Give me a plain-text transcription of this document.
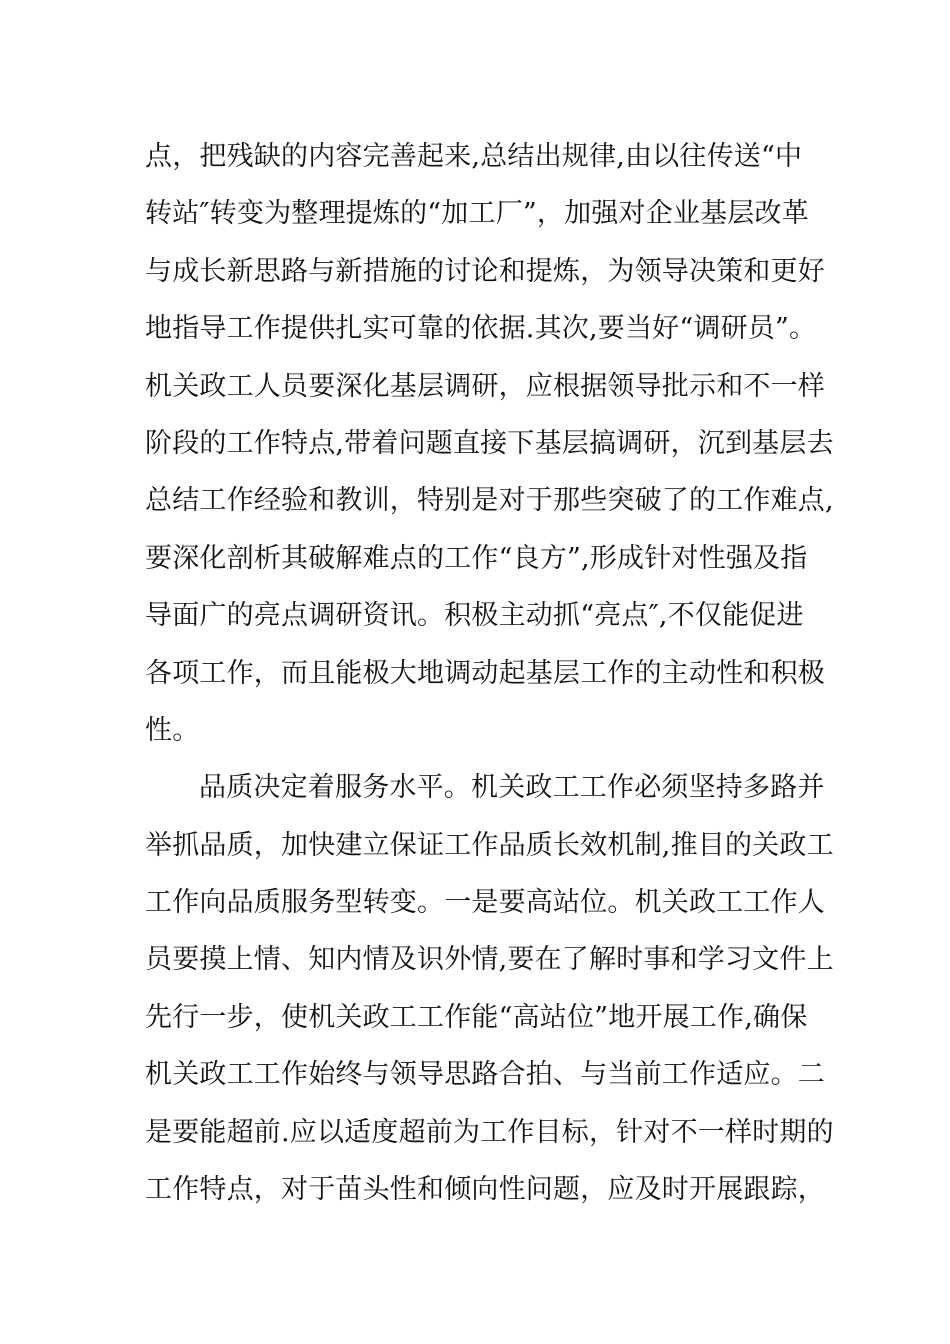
点，把残缺的内容完善起来,总结出规律,由以往传送“中
转站″转变为整理提炼的“加工厂”，加强对企业基层改革
与成长新思路与新措施的讨论和提炼，为领导决策和更好
地指导工作提供扎实可靠的依据.其次,要当好“调研员”。
机关政工人员要深化基层调研，应根据领导批示和不一样
阶段的工作特点,带着问题直接下基层搞调研，沉到基层去
总结工作经验和教训，特别是对于那些突破了的工作难点,
要深化剖析其破解难点的工作“良方”,形成针对性强及指
导面广的亮点调研资讯。积极主动抓“亮点″,不仅能促进
各项工作，而且能极大地调动起基层工作的主动性和积极
性。
品质决定着服务水平。机关政工工作必须坚持多路并
举抓品质，加快建立保证工作品质长效机制,推目的关政工
工作向品质服务型转变。一是要高站位。机关政工工作人
员要摸上情、知内情及识外情,要在了解时事和学习文件上
先行一步，使机关政工工作能“高站位”地开展工作,确保
机关政工工作始终与领导思路合拍、与当前工作适应。二
是要能超前.应以适度超前为工作目标，针对不一样时期的
工作特点，对于苗头性和倾向性问题，应及时开展跟踪，
